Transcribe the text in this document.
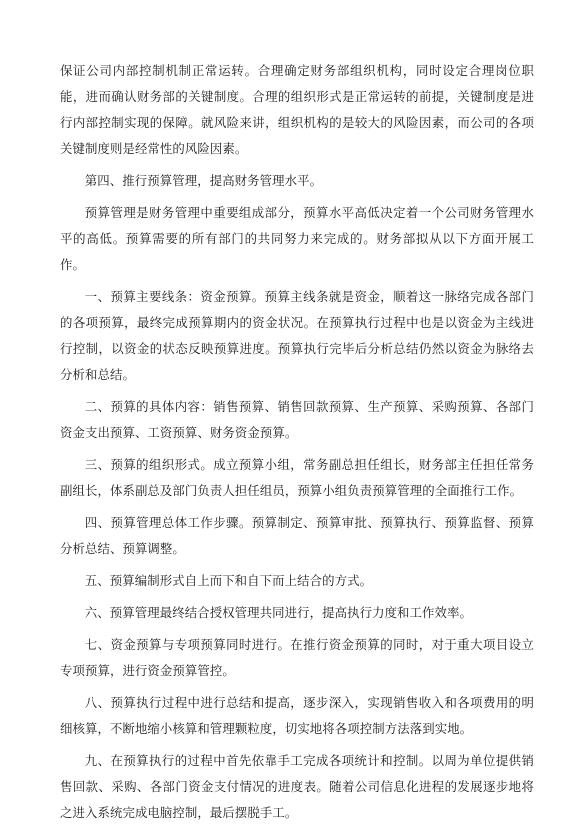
保证公司内部控制机制正常运转。合理确定财务部组织机构，同时设定合理岗位职能，进而确认财务部的关键制度。合理的组织形式是正常运转的前提，关键制度是进行内部控制实现的保障。就风险来讲，组织机构的是较大的风险因素，而公司的各项关键制度则是经常性的风险因素。

第四、推行预算管理，提高财务管理水平。

预算管理是财务管理中重要组成部分，预算水平高低决定着一个公司财务管理水平的高低。预算需要的所有部门的共同努力来完成的。财务部拟从以下方面开展工作。

一、预算主要线条：资金预算。预算主线条就是资金，顺着这一脉络完成各部门的各项预算，最终完成预算期内的资金状况。在预算执行过程中也是以资金为主线进行控制，以资金的状态反映预算进度。预算执行完毕后分析总结仍然以资金为脉络去分析和总结。

二、预算的具体内容：销售预算、销售回款预算、生产预算、采购预算、各部门资金支出预算、工资预算、财务资金预算。

三、预算的组织形式。成立预算小组，常务副总担任组长，财务部主任担任常务副组长，体系副总及部门负责人担任组员，预算小组负责预算管理的全面推行工作。

四、预算管理总体工作步骤。预算制定、预算审批、预算执行、预算监督、预算分析总结、预算调整。

五、预算编制形式自上而下和自下而上结合的方式。

六、预算管理最终结合授权管理共同进行，提高执行力度和工作效率。

七、资金预算与专项预算同时进行。在推行资金预算的同时，对于重大项目设立专项预算，进行资金预算管控。

八、预算执行过程中进行总结和提高，逐步深入，实现销售收入和各项费用的明细核算，不断地缩小核算和管理颗粒度，切实地将各项控制方法落到实地。

九、在预算执行的过程中首先依靠手工完成各项统计和控制。以周为单位提供销售回款、采购、各部门资金支付情况的进度表。随着公司信息化进程的发展逐步地将之进入系统完成电脑控制，最后摆脱手工。
